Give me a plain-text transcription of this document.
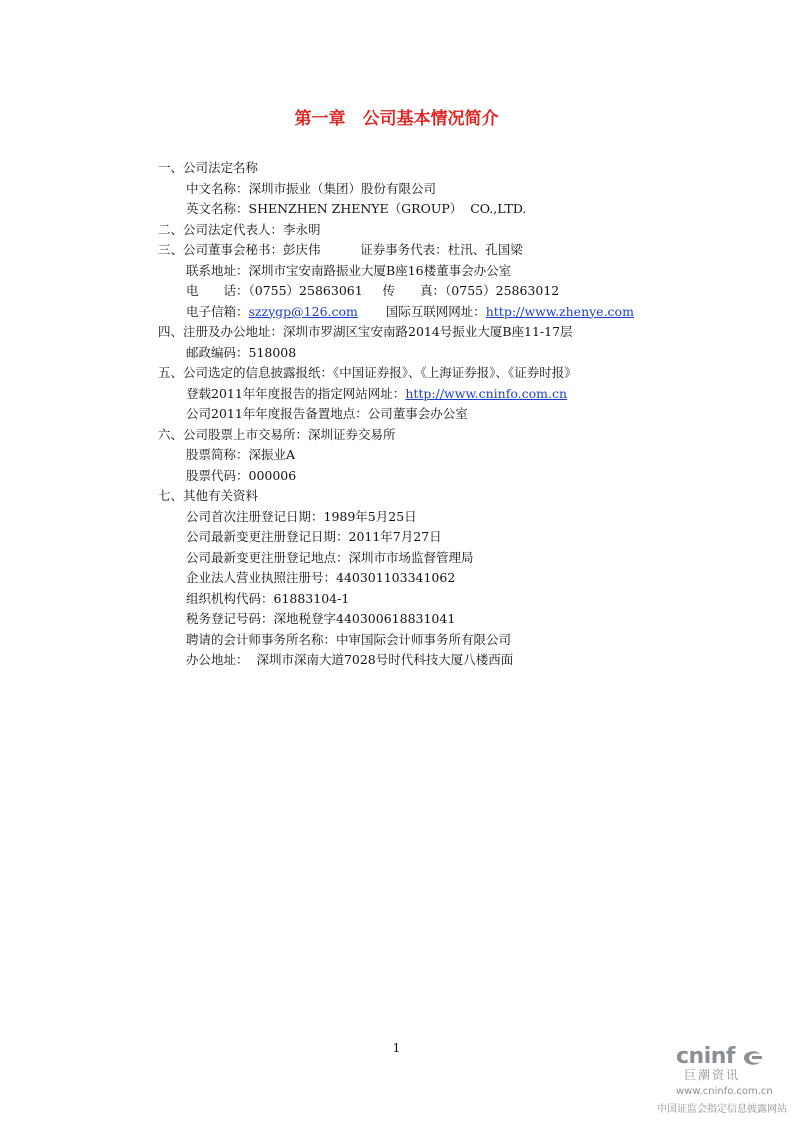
第一章　公司基本情况简介
一、公司法定名称
中文名称：深圳市振业（集团）股份有限公司
英文名称：SHENZHEN ZHENYE（GROUP）  CO.,LTD.
二、公司法定代表人：李永明
三、公司董事会秘书：彭庆伟          证券事务代表：杜汛、孔国梁
联系地址：深圳市宝安南路振业大厦B座16楼董事会办公室
电　　话：（0755）25863061     传　　真：（0755）25863012
电子信箱：szzygp@126.com       国际互联网网址：http://www.zhenye.com
四、注册及办公地址：深圳市罗湖区宝安南路2014号振业大厦B座11-17层
邮政编码：518008
五、公司选定的信息披露报纸：《中国证券报》、《上海证券报》、《证券时报》
登载2011年年度报告的指定网站网址：http://www.cninfo.com.cn
公司2011年年度报告备置地点：公司董事会办公室
六、公司股票上市交易所：深圳证券交易所
股票简称：深振业A
股票代码：000006
七、其他有关资料
公司首次注册登记日期：1989年5月25日
公司最新变更注册登记日期：2011年7月27日
公司最新变更注册登记地点：深圳市市场监督管理局
企业法人营业执照注册号：440301103341062
组织机构代码：61883104-1
税务登记号码：深地税登字440300618831041
聘请的会计师事务所名称：中审国际会计师事务所有限公司
办公地址：  深圳市深南大道7028号时代科技大厦八楼西面
1	cninf
巨潮资讯
www.cninfo.com.cn
中国证监会指定信息披露网站
